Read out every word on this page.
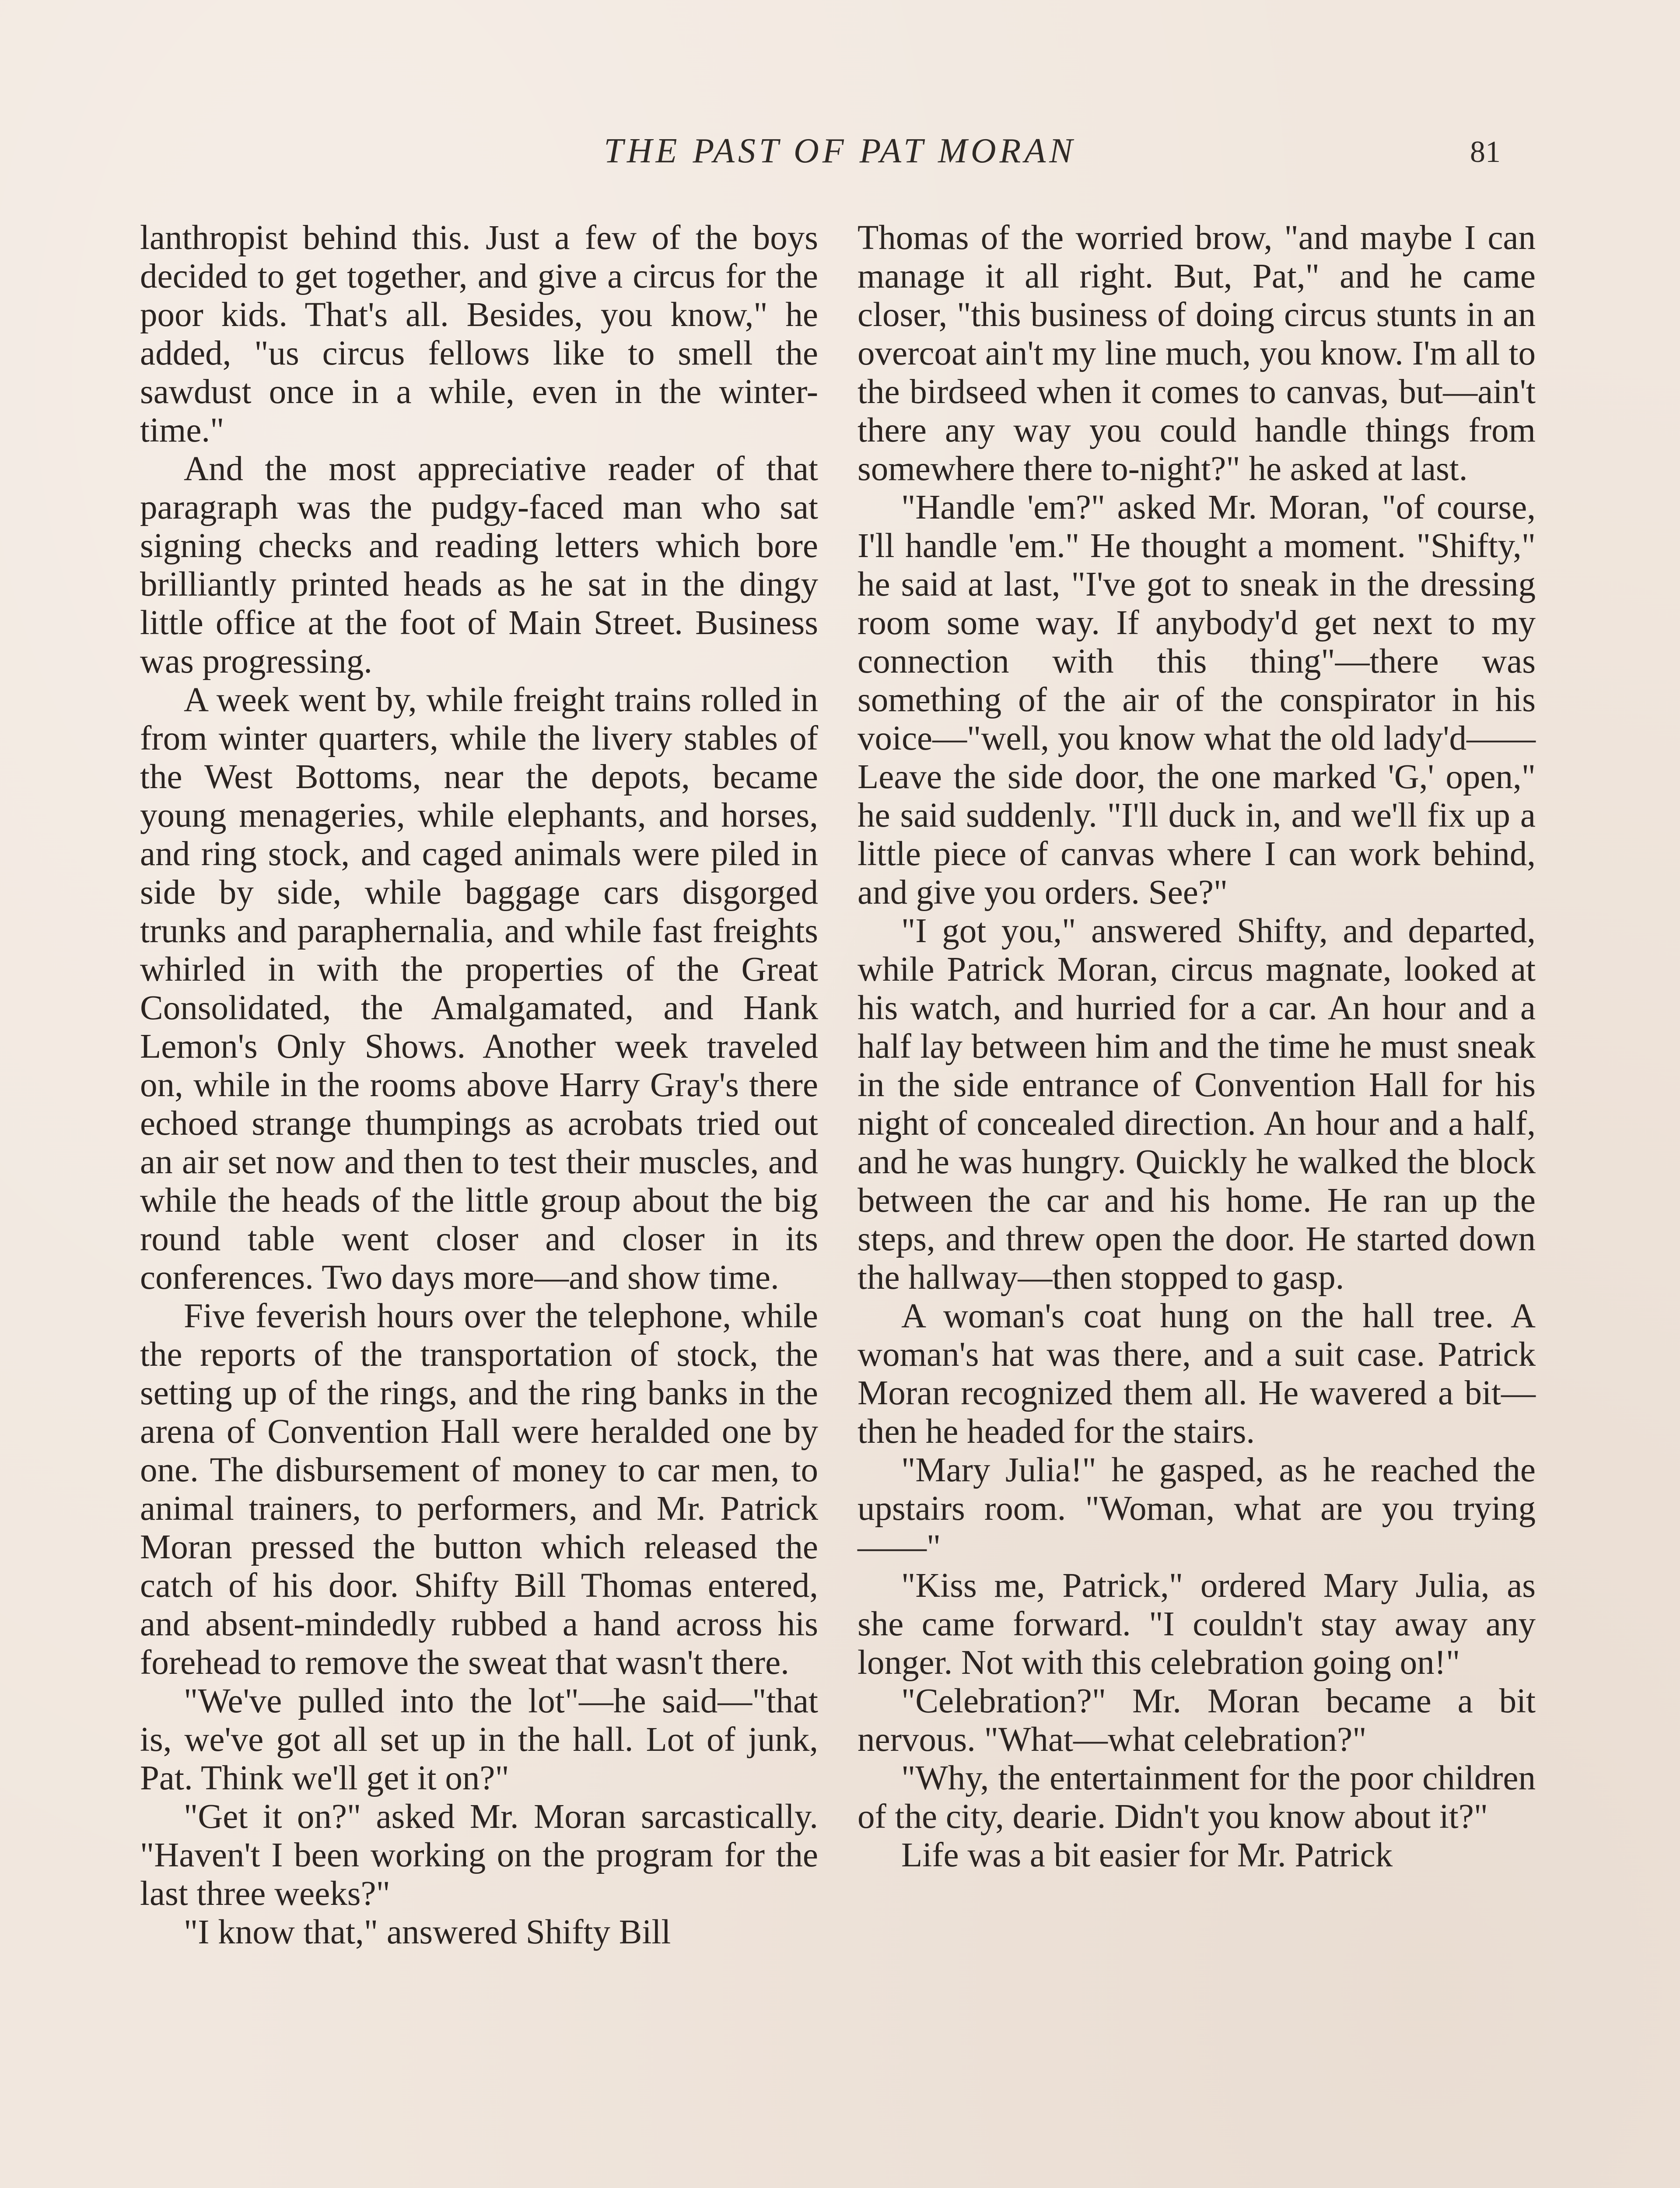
THE PAST OF PAT MORAN	81

lanthropist behind this. Just a few of the boys decided to get together, and give a circus for the poor kids. That's all. Besides, you know," he added, "us circus fellows like to smell the sawdust once in a while, even in the winter-time."

And the most appreciative reader of that paragraph was the pudgy-faced man who sat signing checks and reading letters which bore brilliantly printed heads as he sat in the dingy little office at the foot of Main Street. Business was progressing.

A week went by, while freight trains rolled in from winter quarters, while the livery stables of the West Bottoms, near the depots, became young menageries, while elephants, and horses, and ring stock, and caged animals were piled in side by side, while baggage cars disgorged trunks and paraphernalia, and while fast freights whirled in with the properties of the Great Consolidated, the Amalgamated, and Hank Lemon's Only Shows. Another week traveled on, while in the rooms above Harry Gray's there echoed strange thumpings as acrobats tried out an air set now and then to test their muscles, and while the heads of the little group about the big round table went closer and closer in its conferences. Two days more—and show time.

Five feverish hours over the telephone, while the reports of the transportation of stock, the setting up of the rings, and the ring banks in the arena of Convention Hall were heralded one by one. The disbursement of money to car men, to animal trainers, to performers, and Mr. Patrick Moran pressed the button which released the catch of his door. Shifty Bill Thomas entered, and absent-mindedly rubbed a hand across his forehead to remove the sweat that wasn't there.

"We've pulled into the lot"—he said—"that is, we've got all set up in the hall. Lot of junk, Pat. Think we'll get it on?"

"Get it on?" asked Mr. Moran sarcastically. "Haven't I been working on the program for the last three weeks?"

"I know that," answered Shifty Bill

Thomas of the worried brow, "and maybe I can manage it all right. But, Pat," and he came closer, "this business of doing circus stunts in an overcoat ain't my line much, you know. I'm all to the birdseed when it comes to canvas, but—ain't there any way you could handle things from somewhere there to-night?" he asked at last.

"Handle 'em?" asked Mr. Moran, "of course, I'll handle 'em." He thought a moment. "Shifty," he said at last, "I've got to sneak in the dressing room some way. If anybody'd get next to my connection with this thing"—there was something of the air of the conspirator in his voice—"well, you know what the old lady'd—— Leave the side door, the one marked 'G,' open," he said suddenly. "I'll duck in, and we'll fix up a little piece of canvas where I can work behind, and give you orders. See?"

"I got you," answered Shifty, and departed, while Patrick Moran, circus magnate, looked at his watch, and hurried for a car. An hour and a half lay between him and the time he must sneak in the side entrance of Convention Hall for his night of concealed direction. An hour and a half, and he was hungry. Quickly he walked the block between the car and his home. He ran up the steps, and threw open the door. He started down the hallway—then stopped to gasp.

A woman's coat hung on the hall tree. A woman's hat was there, and a suit case. Patrick Moran recognized them all. He wavered a bit—then he headed for the stairs.

"Mary Julia!" he gasped, as he reached the upstairs room. "Woman, what are you trying——"

"Kiss me, Patrick," ordered Mary Julia, as she came forward. "I couldn't stay away any longer. Not with this celebration going on!"

"Celebration?" Mr. Moran became a bit nervous. "What—what celebration?"

"Why, the entertainment for the poor children of the city, dearie. Didn't you know about it?"

Life was a bit easier for Mr. Patrick
